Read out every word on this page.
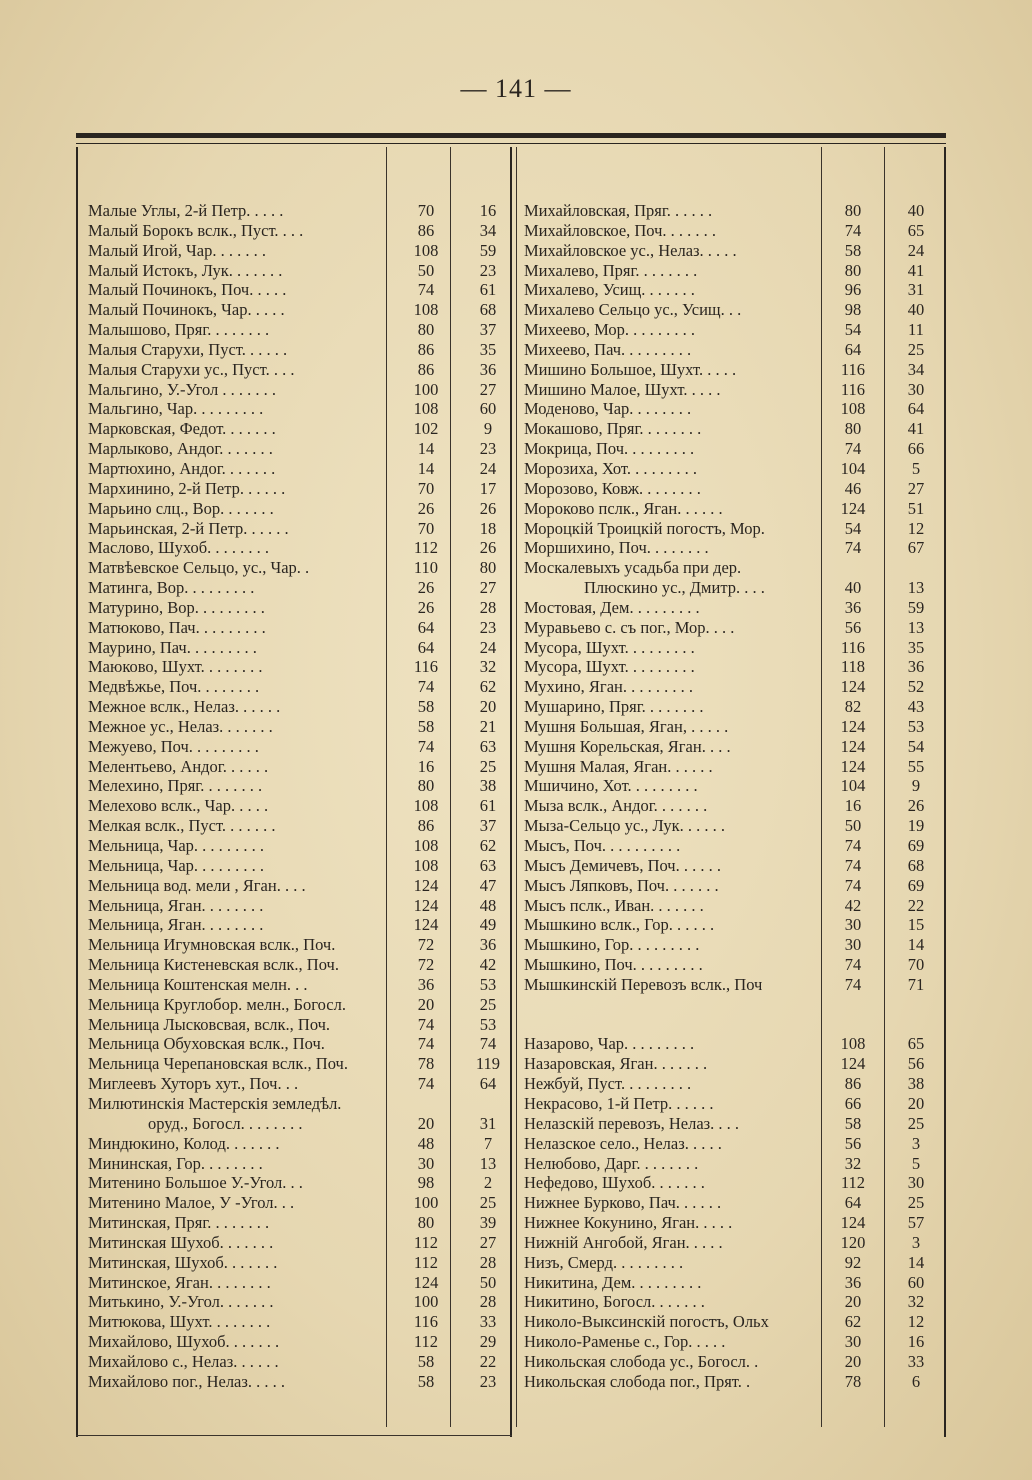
— 141 —
Малые Углы, 2-й Петр. . . . .	70	16
Малый Борокъ вслк., Пуст. . . .	86	34
Малый Игой, Чар. . . . . . .	108	59
Малый Истокъ, Лук. . . . . . .	50	23
Малый Починокъ, Поч. . . . .	74	61
Малый Починокъ, Чар. . . . .	108	68
Малышово, Пряг. . . . . . . .	80	37
Малыя Старухи, Пуст. . . . . .	86	35
Малыя Старухи ус., Пуст. . . .	86	36
Мальгино, У.-Угол . . . . . . .	100	27
Мальгино, Чар. . . . . . . . .	108	60
Марковская, Федот. . . . . . .	102	9
Марлыково, Андог. . . . . . .	14	23
Мартюхино, Андог. . . . . . .	14	24
Мархинино, 2-й Петр. . . . . .	70	17
Марьино слц., Вор. . . . . . .	26	26
Марьинская, 2-й Петр. . . . . .	70	18
Маслово, Шухоб. . . . . . . .	112	26
Матвѣевское Сельцо, ус., Чар. .	110	80
Матинга, Вор. . . . . . . . .	26	27
Матурино, Вор. . . . . . . . .	26	28
Матюково, Пач. . . . . . . . .	64	23
Маурино, Пач. . . . . . . . .	64	24
Маюково, Шухт. . . . . . . .	116	32
Медвѣжье, Поч. . . . . . . .	74	62
Межное вслк., Нелаз. . . . . .	58	20
Межное ус., Нелаз. . . . . . .	58	21
Межуево, Поч. . . . . . . . .	74	63
Мелентьево, Андог. . . . . .	16	25
Мелехино, Пряг. . . . . . . .	80	38
Мелехово вслк., Чар. . . . .	108	61
Мелкая вслк., Пуст. . . . . . .	86	37
Мельница, Чар. . . . . . . . .	108	62
Мельница, Чар. . . . . . . . .	108	63
Мельница вод. мели , Яган. . . .	124	47
Мельница, Яган. . . . . . . .	124	48
Мельница, Яган. . . . . . . .	124	49
Мельница Игумновская вслк., Поч.	72	36
Мельница Кистеневская вслк., Поч.	72	42
Мельница Коштенская мелн. . .	36	53
Мельница Круглобор. мелн., Богосл.	20	25
Мельница Лысковсвая, вслк., Поч.	74	53
Мельница Обуховская вслк., Поч.	74	74
Мельница Черепановская вслк., Поч.	78	119
Миглеевъ Хуторъ хут., Поч. . .	74	64
Милютинскія Мастерскія земледѣл.
оруд., Богосл. . . . . . . .	20	31
Миндюкино, Колод. . . . . . .	48	7
Мининская, Гор. . . . . . . .	30	13
Митенино Большое У.-Угол. . .	98	2
Митенино Малое, У -Угол. . .	100	25
Митинская, Пряг. . . . . . . .	80	39
Митинская Шухоб. . . . . . .	112	27
Митинская, Шухоб. . . . . . .	112	28
Митинское, Яган. . . . . . . .	124	50
Митькино, У.-Угол. . . . . . .	100	28
Митюкова, Шухт. . . . . . . .	116	33
Михайлово, Шухоб. . . . . . .	112	29
Михайлово с., Нелаз. . . . . .	58	22
Михайлово пог., Нелаз. . . . .	58	23
Михайловская, Пряг. . . . . .	80	40
Михайловское, Поч. . . . . . .	74	65
Михайловское ус., Нелаз. . . . .	58	24
Михалево, Пряг. . . . . . . .	80	41
Михалево, Усищ. . . . . . .	96	31
Михалево Сельцо ус., Усищ. . .	98	40
Михеево, Мор. . . . . . . . .	54	11
Михеево, Пач. . . . . . . . .	64	25
Мишино Большое, Шухт. . . . .	116	34
Мишино Малое, Шухт. . . . .	116	30
Моденово, Чар. . . . . . . .	108	64
Мокашово, Пряг. . . . . . . .	80	41
Мокрица, Поч. . . . . . . . .	74	66
Морозиха, Хот. . . . . . . . .	104	5
Морозово, Ковж. . . . . . . .	46	27
Мороково пслк., Яган. . . . . .	124	51
Мороцкій Троицкій погостъ, Мор.	54	12
Моршихино, Поч. . . . . . . .	74	67
Москалевыхъ усадьба при дер.
Плюскино ус., Дмитр. . . .	40	13
Мостовая, Дем. . . . . . . . .	36	59
Муравьево с. съ пог., Мор. . . .	56	13
Мусора, Шухт. . . . . . . . .	116	35
Мусора, Шухт. . . . . . . . .	118	36
Мухино, Яган. . . . . . . . .	124	52
Мушарино, Пряг. . . . . . . .	82	43
Мушня Большая, Яган, . . . . .	124	53
Мушня Корельская, Яган. . . .	124	54
Мушня Малая, Яган. . . . . .	124	55
Мшичино, Хот. . . . . . . . .	104	9
Мыза вслк., Андог. . . . . . .	16	26
Мыза-Сельцо ус., Лук. . . . . .	50	19
Мысъ, Поч. . . . . . . . . .	74	69
Мысъ Демичевъ, Поч. . . . . .	74	68
Мысъ Ляпковъ, Поч. . . . . . .	74	69
Мысъ пслк., Иван. . . . . . .	42	22
Мышкино вслк., Гор. . . . . .	30	15
Мышкино, Гор. . . . . . . . .	30	14
Мышкино, Поч. . . . . . . . .	74	70
Мышкинскій Перевозъ вслк., Поч	74	71
Назарово, Чар. . . . . . . . .	108	65
Назаровская, Яган. . . . . . .	124	56
Нежбуй, Пуст. . . . . . . . .	86	38
Некрасово, 1-й Петр. . . . . .	66	20
Нелазскій перевозъ, Нелаз. . . .	58	25
Нелазское село., Нелаз. . . . .	56	3
Нелюбово, Дарг. . . . . . . .	32	5
Нефедово, Шухоб. . . . . . .	112	30
Нижнее Бурково, Пач. . . . . .	64	25
Нижнее Кокунино, Яган. . . . .	124	57
Нижній Ангобой, Яган. . . . .	120	3
Низъ, Смерд. . . . . . . . .	92	14
Никитина, Дем. . . . . . . . .	36	60
Никитино, Богосл. . . . . . .	20	32
Николо-Выксинскій погостъ, Ольх	62	12
Николо-Раменье с., Гор. . . . .	30	16
Никольская слобода ус., Богосл. .	20	33
Никольская слобода пог., Прят. .	78	6
